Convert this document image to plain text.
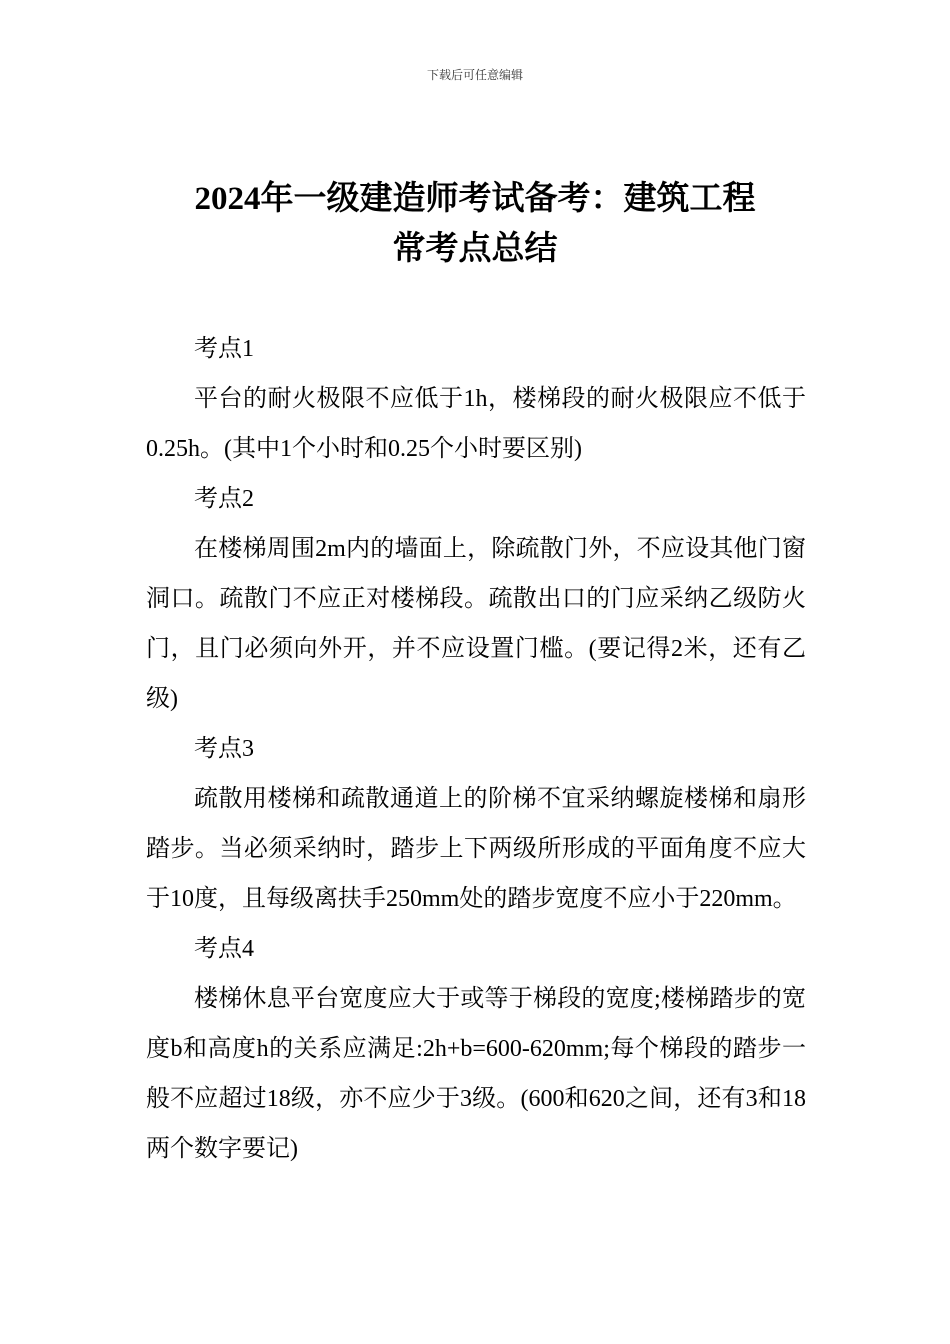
下载后可任意编辑
2024年一级建造师考试备考：建筑工程
常考点总结

考点1

平台的耐火极限不应低于1h，楼梯段的耐火极限应不低于0.25h。(其中1个小时和0.25个小时要区别)

考点2

在楼梯周围2m内的墙面上，除疏散门外，不应设其他门窗洞口。疏散门不应正对楼梯段。疏散出口的门应采纳乙级防火门，且门必须向外开，并不应设置门槛。(要记得2米，还有乙级)

考点3

疏散用楼梯和疏散通道上的阶梯不宜采纳螺旋楼梯和扇形踏步。当必须采纳时，踏步上下两级所形成的平面角度不应大于10度，且每级离扶手250mm处的踏步宽度不应小于220mm。

考点4

楼梯休息平台宽度应大于或等于梯段的宽度;楼梯踏步的宽度b和高度h的关系应满足:2h+b=600-620mm;每个梯段的踏步一般不应超过18级，亦不应少于3级。(600和620之间，还有3和18两个数字要记)
